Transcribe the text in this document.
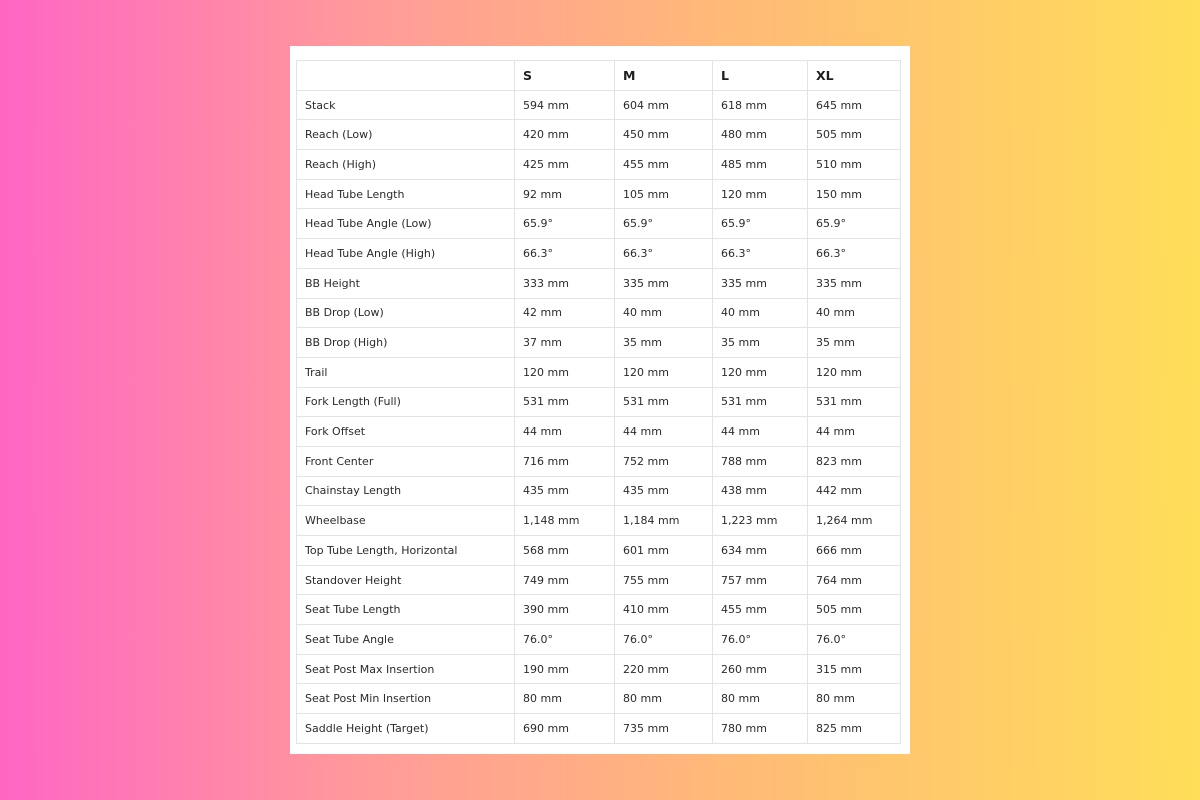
	S	M	L	XL
Stack	594 mm	604 mm	618 mm	645 mm
Reach (Low)	420 mm	450 mm	480 mm	505 mm
Reach (High)	425 mm	455 mm	485 mm	510 mm
Head Tube Length	92 mm	105 mm	120 mm	150 mm
Head Tube Angle (Low)	65.9°	65.9°	65.9°	65.9°
Head Tube Angle (High)	66.3°	66.3°	66.3°	66.3°
BB Height	333 mm	335 mm	335 mm	335 mm
BB Drop (Low)	42 mm	40 mm	40 mm	40 mm
BB Drop (High)	37 mm	35 mm	35 mm	35 mm
Trail	120 mm	120 mm	120 mm	120 mm
Fork Length (Full)	531 mm	531 mm	531 mm	531 mm
Fork Offset	44 mm	44 mm	44 mm	44 mm
Front Center	716 mm	752 mm	788 mm	823 mm
Chainstay Length	435 mm	435 mm	438 mm	442 mm
Wheelbase	1,148 mm	1,184 mm	1,223 mm	1,264 mm
Top Tube Length, Horizontal	568 mm	601 mm	634 mm	666 mm
Standover Height	749 mm	755 mm	757 mm	764 mm
Seat Tube Length	390 mm	410 mm	455 mm	505 mm
Seat Tube Angle	76.0°	76.0°	76.0°	76.0°
Seat Post Max Insertion	190 mm	220 mm	260 mm	315 mm
Seat Post Min Insertion	80 mm	80 mm	80 mm	80 mm
Saddle Height (Target)	690 mm	735 mm	780 mm	825 mm
